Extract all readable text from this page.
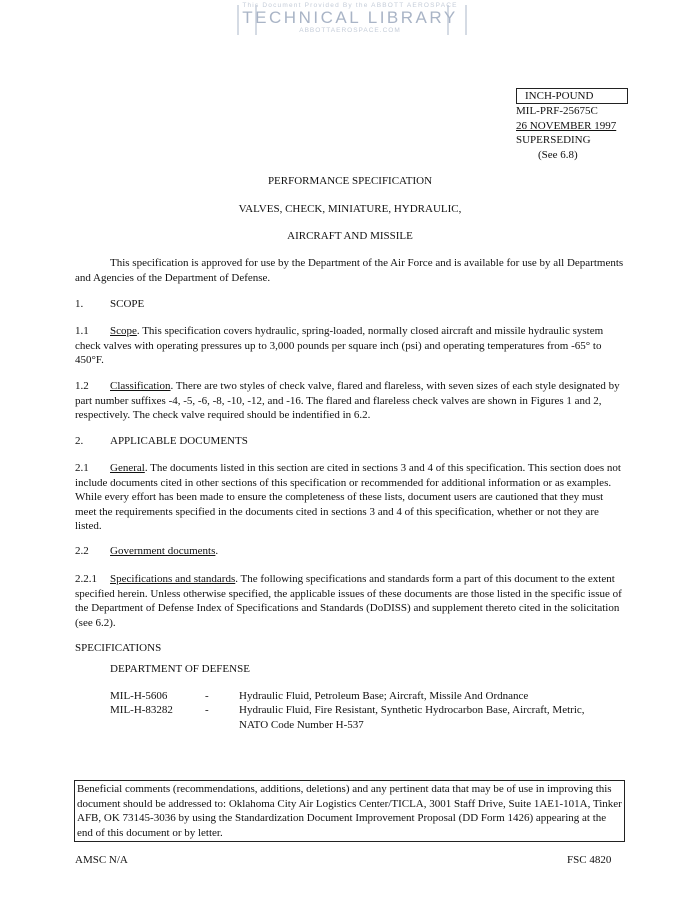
This Document Provided By the ABBOTT AEROSPACE
TECHNICAL LIBRARY
ABBOTTAEROSPACE.COM
INCH-POUND
MIL-PRF-25675C
26 NOVEMBER 1997
SUPERSEDING
(See 6.8)
PERFORMANCE SPECIFICATION
VALVES, CHECK, MINIATURE, HYDRAULIC,
AIRCRAFT AND MISSILE
This specification is approved for use by the Department of the Air Force and is available for use by all Departments and Agencies of the Department of Defense.
1. SCOPE
1.1 Scope. This specification covers hydraulic, spring-loaded, normally closed aircraft and missile hydraulic system check valves with operating pressures up to 3,000 pounds per square inch (psi) and operating temperatures from -65° to 450°F.
1.2 Classification. There are two styles of check valve, flared and flareless, with seven sizes of each style designated by part number suffixes -4, -5, -6, -8, -10, -12, and -16. The flared and flareless check valves are shown in Figures 1 and 2, respectively. The check valve required should be indentified in 6.2.
2. APPLICABLE DOCUMENTS
2.1 General. The documents listed in this section are cited in sections 3 and 4 of this specification. This section does not include documents cited in other sections of this specification or recommended for additional information or as examples. While every effort has been made to ensure the completeness of these lists, document users are cautioned that they must meet the requirements specified in the documents cited in sections 3 and 4 of this specification, whether or not they are listed.
2.2 Government documents.
2.2.1 Specifications and standards. The following specifications and standards form a part of this document to the extent specified herein. Unless otherwise specified, the applicable issues of these documents are those listed in the specific issue of the Department of Defense Index of Specifications and Standards (DoDISS) and supplement thereto cited in the solicitation (see 6.2).
SPECIFICATIONS
DEPARTMENT OF DEFENSE
MIL-H-5606	-	Hydraulic Fluid, Petroleum Base; Aircraft, Missile And Ordnance
MIL-H-83282	-	Hydraulic Fluid, Fire Resistant, Synthetic Hydrocarbon Base, Aircraft, Metric, NATO Code Number H-537
Beneficial comments (recommendations, additions, deletions) and any pertinent data that may be of use in improving this document should be addressed to: Oklahoma City Air Logistics Center/TICLA, 3001 Staff Drive, Suite 1AE1-101A, Tinker AFB, OK 73145-3036 by using the Standardization Document Improvement Proposal (DD Form 1426) appearing at the end of this document or by letter.
AMSC N/A	FSC 4820
